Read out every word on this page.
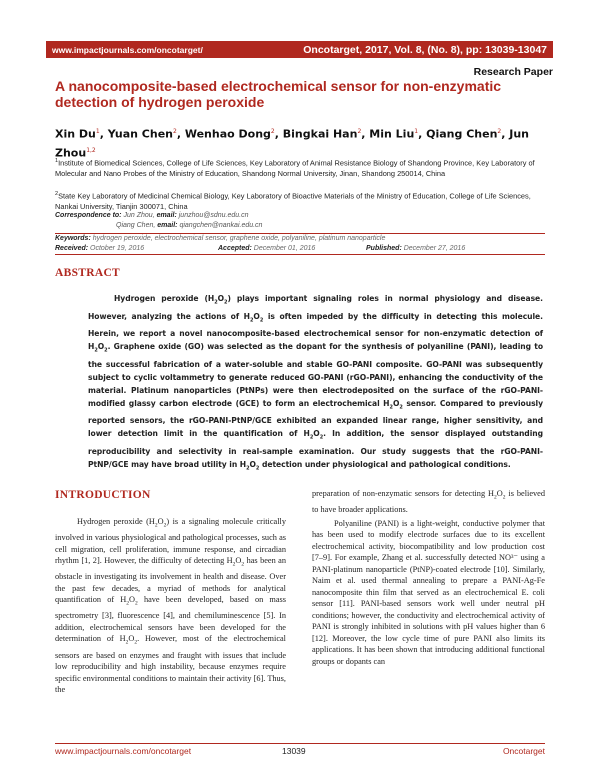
www.impactjournals.com/oncotarget/	Oncotarget, 2017, Vol. 8, (No. 8), pp: 13039-13047
Research Paper
A nanocomposite-based electrochemical sensor for non-enzymatic detection of hydrogen peroxide
Xin Du$^1$, Yuan Chen$^2$, Wenhao Dong$^2$, Bingkai Han$^2$, Min Liu$^1$, Qiang Chen$^2$, Jun Zhou$^{1,2}$
$^1$Institute of Biomedical Sciences, College of Life Sciences, Key Laboratory of Animal Resistance Biology of Shandong Province, Key Laboratory of Molecular and Nano Probes of the Ministry of Education, Shandong Normal University, Jinan, Shandong 250014, China
$^2$State Key Laboratory of Medicinal Chemical Biology, Key Laboratory of Bioactive Materials of the Ministry of Education, College of Life Sciences, Nankai University, Tianjin 300071, China
Correspondence to: Jun Zhou, email: junzhou@sdnu.edu.cn
Qiang Chen, email: qiangchen@nankai.edu.cn
Keywords: hydrogen peroxide, electrochemical sensor, graphene oxide, polyaniline, platinum nanoparticle
Received: October 19, 2016	Accepted: December 01, 2016	Published: December 27, 2016
ABSTRACT
Hydrogen peroxide $(H_2O_2)$ plays important signaling roles in normal physiology and disease. However, analyzing the actions of $H_2O_2$ is often impeded by the difficulty in detecting this molecule. Herein, we report a novel nanocomposite-based electrochemical sensor for non-enzymatic detection of $H_2O_2$. Graphene oxide (GO) was selected as the dopant for the synthesis of polyaniline (PANI), leading to the successful fabrication of a water-soluble and stable GO-PANI composite. GO-PANI was subsequently subject to cyclic voltammetry to generate reduced GO-PANI (rGO-PANI), enhancing the conductivity of the material. Platinum nanoparticles (PtNPs) were then electrodeposited on the surface of the rGO-PANI-modified glassy carbon electrode (GCE) to form an electrochemical $H_2O_2$ sensor. Compared to previously reported sensors, the rGO-PANI-PtNP/GCE exhibited an expanded linear range, higher sensitivity, and lower detection limit in the quantification of $H_2O_2$. In addition, the sensor displayed outstanding reproducibility and selectivity in real-sample examination. Our study suggests that the rGO-PANI-PtNP/GCE may have broad utility in $H_2O_2$ detection under physiological and pathological conditions.
INTRODUCTION

Hydrogen peroxide $(H_2O_2)$ is a signaling molecule critically involved in various physiological and pathological processes, such as cell migration, cell proliferation, immune response, and circadian rhythm [1, 2]. However, the difficulty of detecting $H_2O_2$ has been an obstacle in investigating its involvement in health and disease. Over the past few decades, a myriad of methods for analytical quantification of $H_2O_2$ have been developed, based on mass spectrometry [3], fluorescence [4], and chemiluminescence [5]. In addition, electrochemical sensors have been developed for the determination of $H_2O_2$. However, most of the electrochemical sensors are based on enzymes and fraught with issues that include low reproducibility and high instability, because enzymes require specific environmental conditions to maintain their activity [6]. Thus, the

preparation of non-enzymatic sensors for detecting $H_2O_2$ is believed to have broader applications.

Polyaniline (PANI) is a light-weight, conductive polymer that has been used to modify electrode surfaces due to its excellent electrochemical activity, biocompatibility and low production cost [7–9]. For example, Zhang et al. successfully detected NO³⁻ using a PANI-platinum nanoparticle (PtNP)-coated electrode [10]. Similarly, Naim et al. used thermal annealing to prepare a PANI-Ag-Fe nanocomposite thin film that served as an electrochemical E. coli sensor [11]. PANI-based sensors work well under neutral pH conditions; however, the conductivity and electrochemical activity of PANI is strongly inhibited in solutions with pH values higher than 6 [12]. Moreover, the low cycle time of pure PANI also limits its applications. It has been shown that introducing additional functional groups or dopants can

www.impactjournals.com/oncotarget	13039	Oncotarget
